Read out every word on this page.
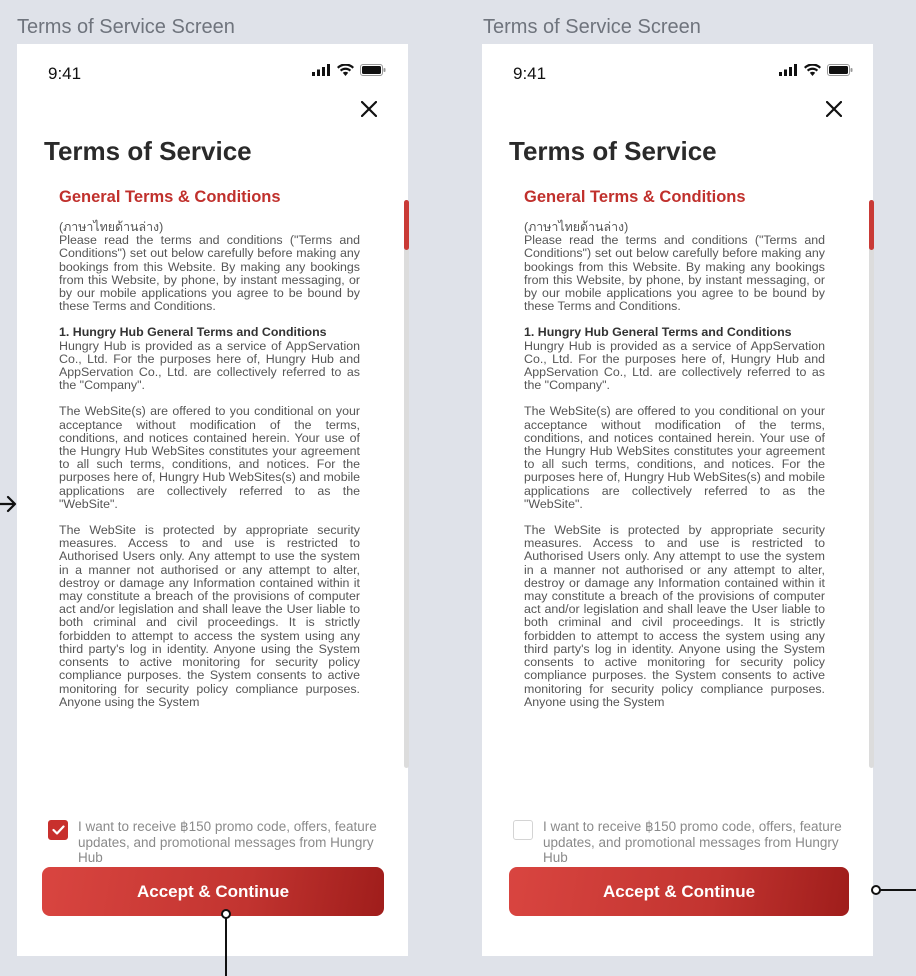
Terms of Service Screen
9:41
Terms of Service
General Terms & Conditions

(ภาษาไทยด้านล่าง)
Please read the terms and conditions ("Terms and Conditions") set out below carefully before making any bookings from this Website. By making any bookings from this Website, by phone, by instant messaging, or by our mobile applications you agree to be bound by these Terms and Conditions.

1. Hungry Hub General Terms and Conditions
Hungry Hub is provided as a service of AppServation Co., Ltd. For the purposes here of, Hungry Hub and AppServation Co., Ltd. are collectively referred to as the "Company".

The WebSite(s) are offered to you conditional on your acceptance without modification of the terms, conditions, and notices contained herein. Your use of the Hungry Hub WebSites constitutes your agreement to all such terms, conditions, and notices. For the purposes here of, Hungry Hub WebSites(s) and mobile applications are collectively referred to as the "WebSite".

The WebSite is protected by appropriate security measures. Access to and use is restricted to Authorised Users only. Any attempt to use the system in a manner not authorised or any attempt to alter, destroy or damage any Information contained within it may constitute a breach of the provisions of computer act and/or legislation and shall leave the User liable to both criminal and civil proceedings. It is strictly forbidden to attempt to access the system using any third party's log in identity. Anyone using the System consents to active monitoring for security policy compliance purposes. the System consents to active monitoring for security policy compliance purposes. Anyone using the System

I want to receive ฿150 promo code, offers, feature updates, and promotional messages from Hungry Hub
Accept & Continue
Terms of Service Screen
9:41
Terms of Service
General Terms & Conditions

(ภาษาไทยด้านล่าง)
Please read the terms and conditions ("Terms and Conditions") set out below carefully before making any bookings from this Website. By making any bookings from this Website, by phone, by instant messaging, or by our mobile applications you agree to be bound by these Terms and Conditions.

1. Hungry Hub General Terms and Conditions
Hungry Hub is provided as a service of AppServation Co., Ltd. For the purposes here of, Hungry Hub and AppServation Co., Ltd. are collectively referred to as the "Company".

The WebSite(s) are offered to you conditional on your acceptance without modification of the terms, conditions, and notices contained herein. Your use of the Hungry Hub WebSites constitutes your agreement to all such terms, conditions, and notices. For the purposes here of, Hungry Hub WebSites(s) and mobile applications are collectively referred to as the "WebSite".

The WebSite is protected by appropriate security measures. Access to and use is restricted to Authorised Users only. Any attempt to use the system in a manner not authorised or any attempt to alter, destroy or damage any Information contained within it may constitute a breach of the provisions of computer act and/or legislation and shall leave the User liable to both criminal and civil proceedings. It is strictly forbidden to attempt to access the system using any third party's log in identity. Anyone using the System consents to active monitoring for security policy compliance purposes. the System consents to active monitoring for security policy compliance purposes. Anyone using the System

I want to receive ฿150 promo code, offers, feature updates, and promotional messages from Hungry Hub
Accept & Continue
